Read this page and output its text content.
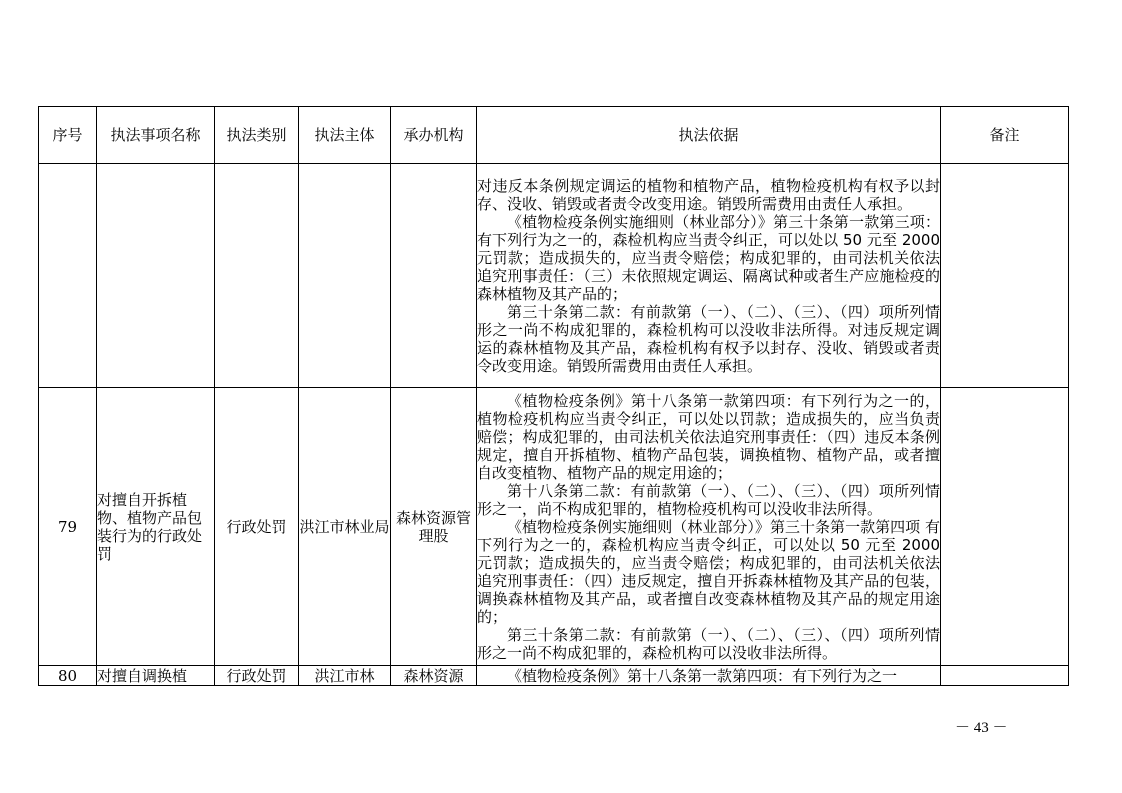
序号	执法事项名称	执法类别	执法主体	承办机构	执法依据	备注

					对违反本条例规定调运的植物和植物产品，植物检疫机构有权予以封存、没收、销毁或者责令改变用途。销毁所需费用由责任人承担。

《植物检疫条例实施细则（林业部分）》第三十条第一款第三项：有下列行为之一的，森检机构应当责令纠正，可以处以 50 元至 2000 元罚款；造成损失的，应当责令赔偿；构成犯罪的，由司法机关依法追究刑事责任：（三）未依照规定调运、隔离试种或者生产应施检疫的森林植物及其产品的；

第三十条第二款：有前款第（一）、（二）、（三）、（四）项所列情形之一尚不构成犯罪的，森检机构可以没收非法所得。对违反规定调运的森林植物及其产品，森检机构有权予以封存、没收、销毁或者责令改变用途。销毁所需费用由责任人承担。	

79	对擅自开拆植物、植物产品包装行为的行政处罚	行政处罚	洪江市林业局	森林资源管理股	《植物检疫条例》第十八条第一款第四项：有下列行为之一的，植物检疫机构应当责令纠正，可以处以罚款；造成损失的，应当负责赔偿；构成犯罪的，由司法机关依法追究刑事责任：（四）违反本条例规定，擅自开拆植物、植物产品包装，调换植物、植物产品，或者擅自改变植物、植物产品的规定用途的；

第十八条第二款：有前款第（一）、（二）、（三）、（四）项所列情形之一，尚不构成犯罪的，植物检疫机构可以没收非法所得。

《植物检疫条例实施细则（林业部分）》第三十条第一款第四项 有下列行为之一的，森检机构应当责令纠正，可以处以 50 元至 2000 元罚款；造成损失的，应当责令赔偿；构成犯罪的，由司法机关依法追究刑事责任：（四）违反规定，擅自开拆森林植物及其产品的包装，调换森林植物及其产品，或者擅自改变森林植物及其产品的规定用途的；

第三十条第二款：有前款第（一）、（二）、（三）、（四）项所列情形之一尚不构成犯罪的，森检机构可以没收非法所得。	

80	对擅自调换植	行政处罚	洪江市林	森林资源	《植物检疫条例》第十八条第一款第四项：有下列行为之一	

－ 43 －
